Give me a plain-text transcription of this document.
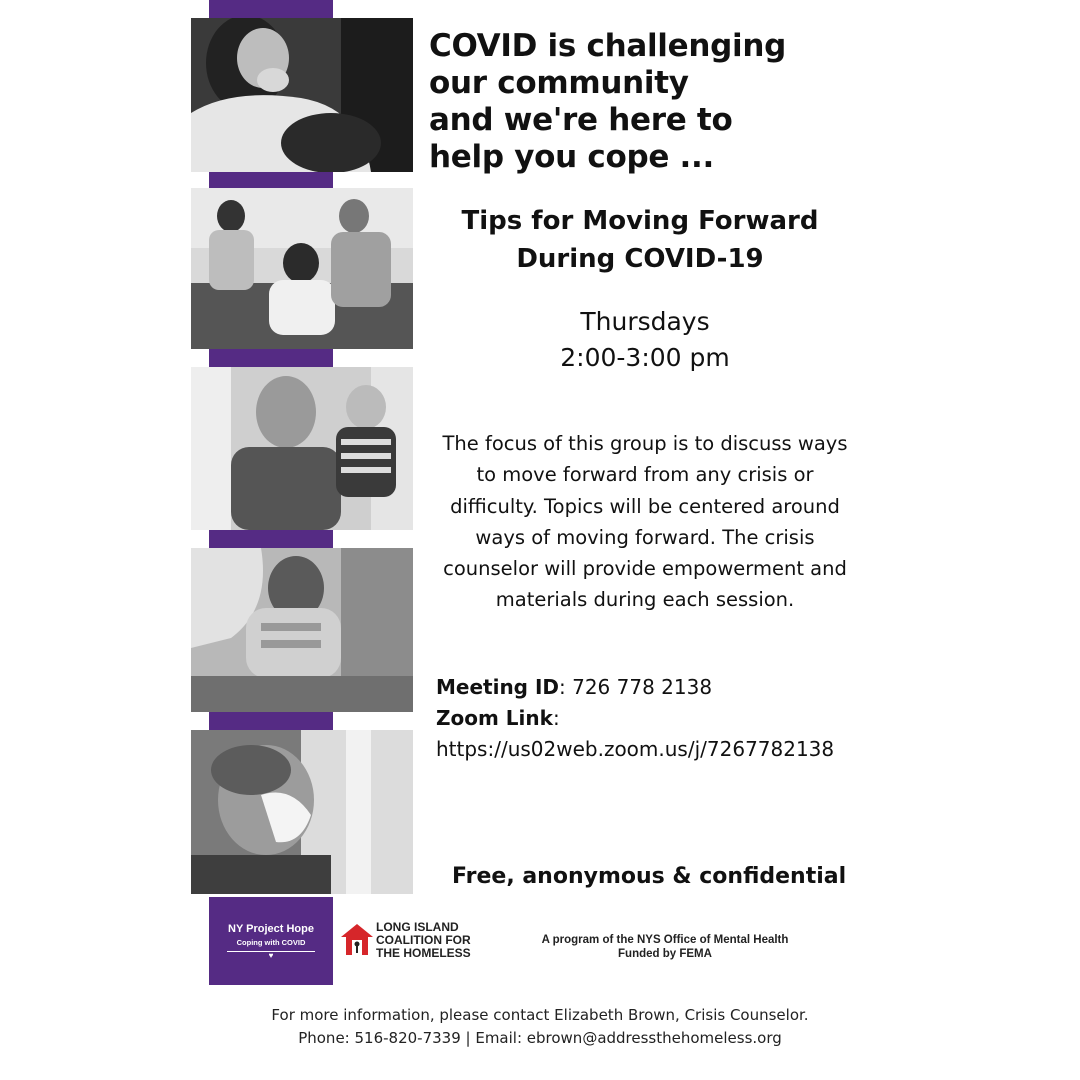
COVID is challenging
our community
and we're here to
help you cope ...
Tips for Moving Forward
During COVID-19
Thursdays
2:00-3:00 pm
The focus of this group is to discuss ways to move forward from any crisis or difficulty. Topics will be centered around ways of moving forward. The crisis counselor will provide empowerment and materials during each session.
Meeting ID: 726 778 2138
Zoom Link:
https://us02web.zoom.us/j/7267782138
Free, anonymous & confidential
NY Project Hope
Coping with COVID
♥
LONG ISLAND
COALITION FOR
THE HOMELESS
A program of the NYS Office of Mental Health
Funded by FEMA
For more information, please contact Elizabeth Brown, Crisis Counselor.
Phone: 516-820-7339 | Email: ebrown@addressthehomeless.org
